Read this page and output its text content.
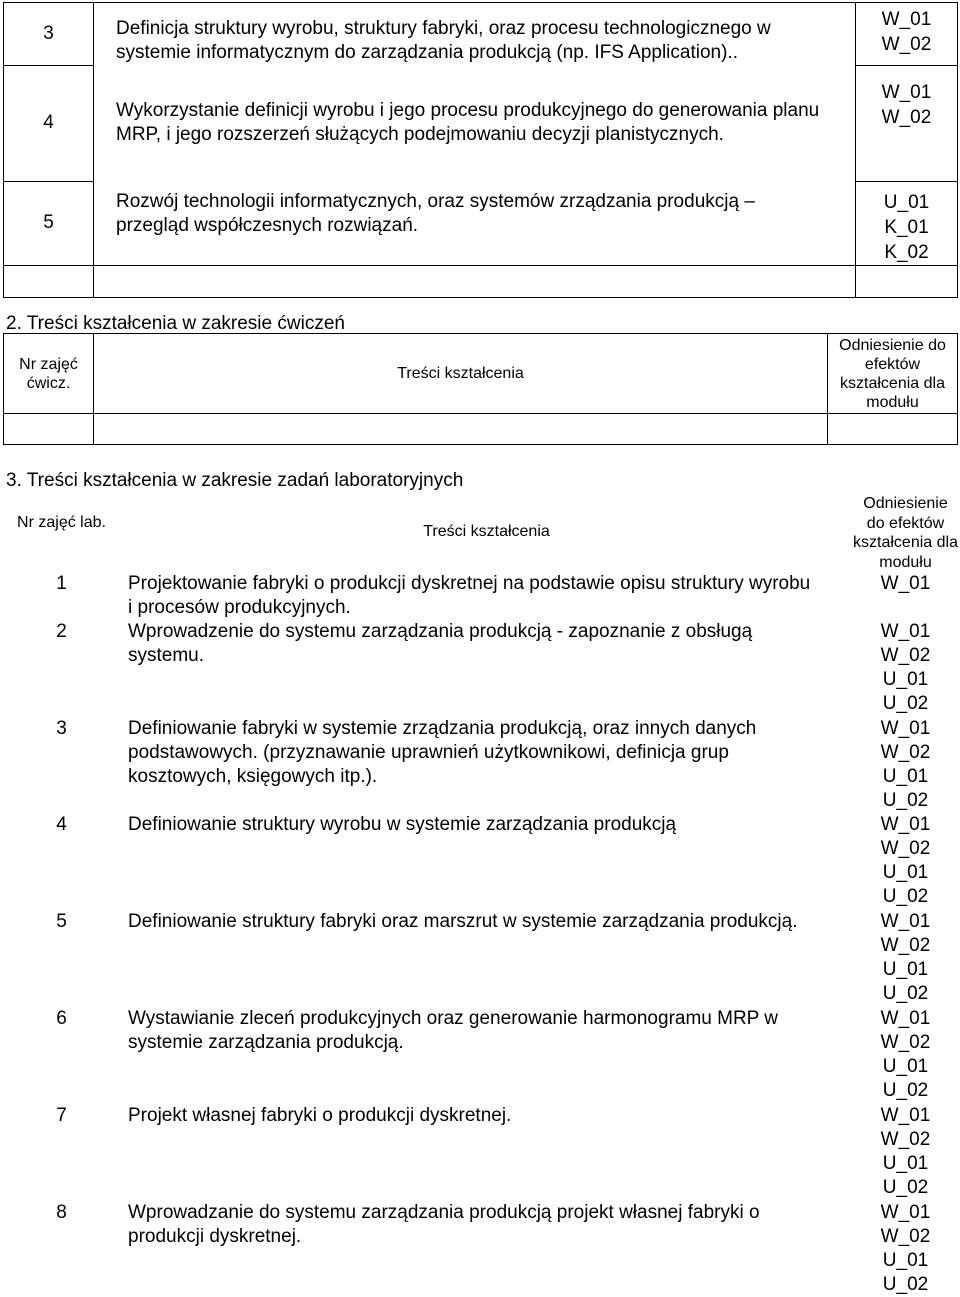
3	Definicja struktury wyrobu, struktury fabryki, oraz procesu technologicznego w systemie informatycznym do zarządzania produkcją (np. IFS Application)..	W_01
W_02

4	Wykorzystanie definicji wyrobu i jego procesu produkcyjnego do generowania planu MRP, i jego rozszerzeń służących podejmowaniu decyzji planistycznych.	W_01
W_02

5	Rozwój technologii informatycznych, oraz systemów zrządzania produkcją – przegląd współczesnych rozwiązań.	U_01
K_01
K_02

2. Treści kształcenia w zakresie ćwiczeń
Nr zajęć ćwicz.	Treści kształcenia	Odniesienie do efektów kształcenia dla modułu

3. Treści kształcenia w zakresie zadań laboratoryjnych
Nr zajęć lab.	Treści kształcenia	Odniesienie do efektów kształcenia dla modułu
1	Projektowanie fabryki o produkcji dyskretnej na podstawie opisu struktury wyrobu i procesów produkcyjnych.	W_01

2	Wprowadzenie do systemu zarządzania produkcją - zapoznanie z obsługą systemu.	W_01
W_02
U_01
U_02

3	Definiowanie fabryki w systemie zrządzania produkcją, oraz innych danych podstawowych. (przyznawanie uprawnień użytkownikowi, definicja grup kosztowych, księgowych itp.).	W_01
W_02
U_01
U_02

4	Definiowanie struktury wyrobu w systemie zarządzania produkcją	W_01
W_02
U_01
U_02

5	Definiowanie struktury fabryki oraz marszrut w systemie zarządzania produkcją.	W_01
W_02
U_01
U_02

6	Wystawianie zleceń produkcyjnych oraz generowanie harmonogramu MRP w systemie zarządzania produkcją.	W_01
W_02
U_01
U_02

7	Projekt własnej fabryki o produkcji dyskretnej.	W_01
W_02
U_01
U_02

8	Wprowadzanie do systemu zarządzania produkcją projekt własnej fabryki o produkcji dyskretnej.	W_01
W_02
U_01
U_02
